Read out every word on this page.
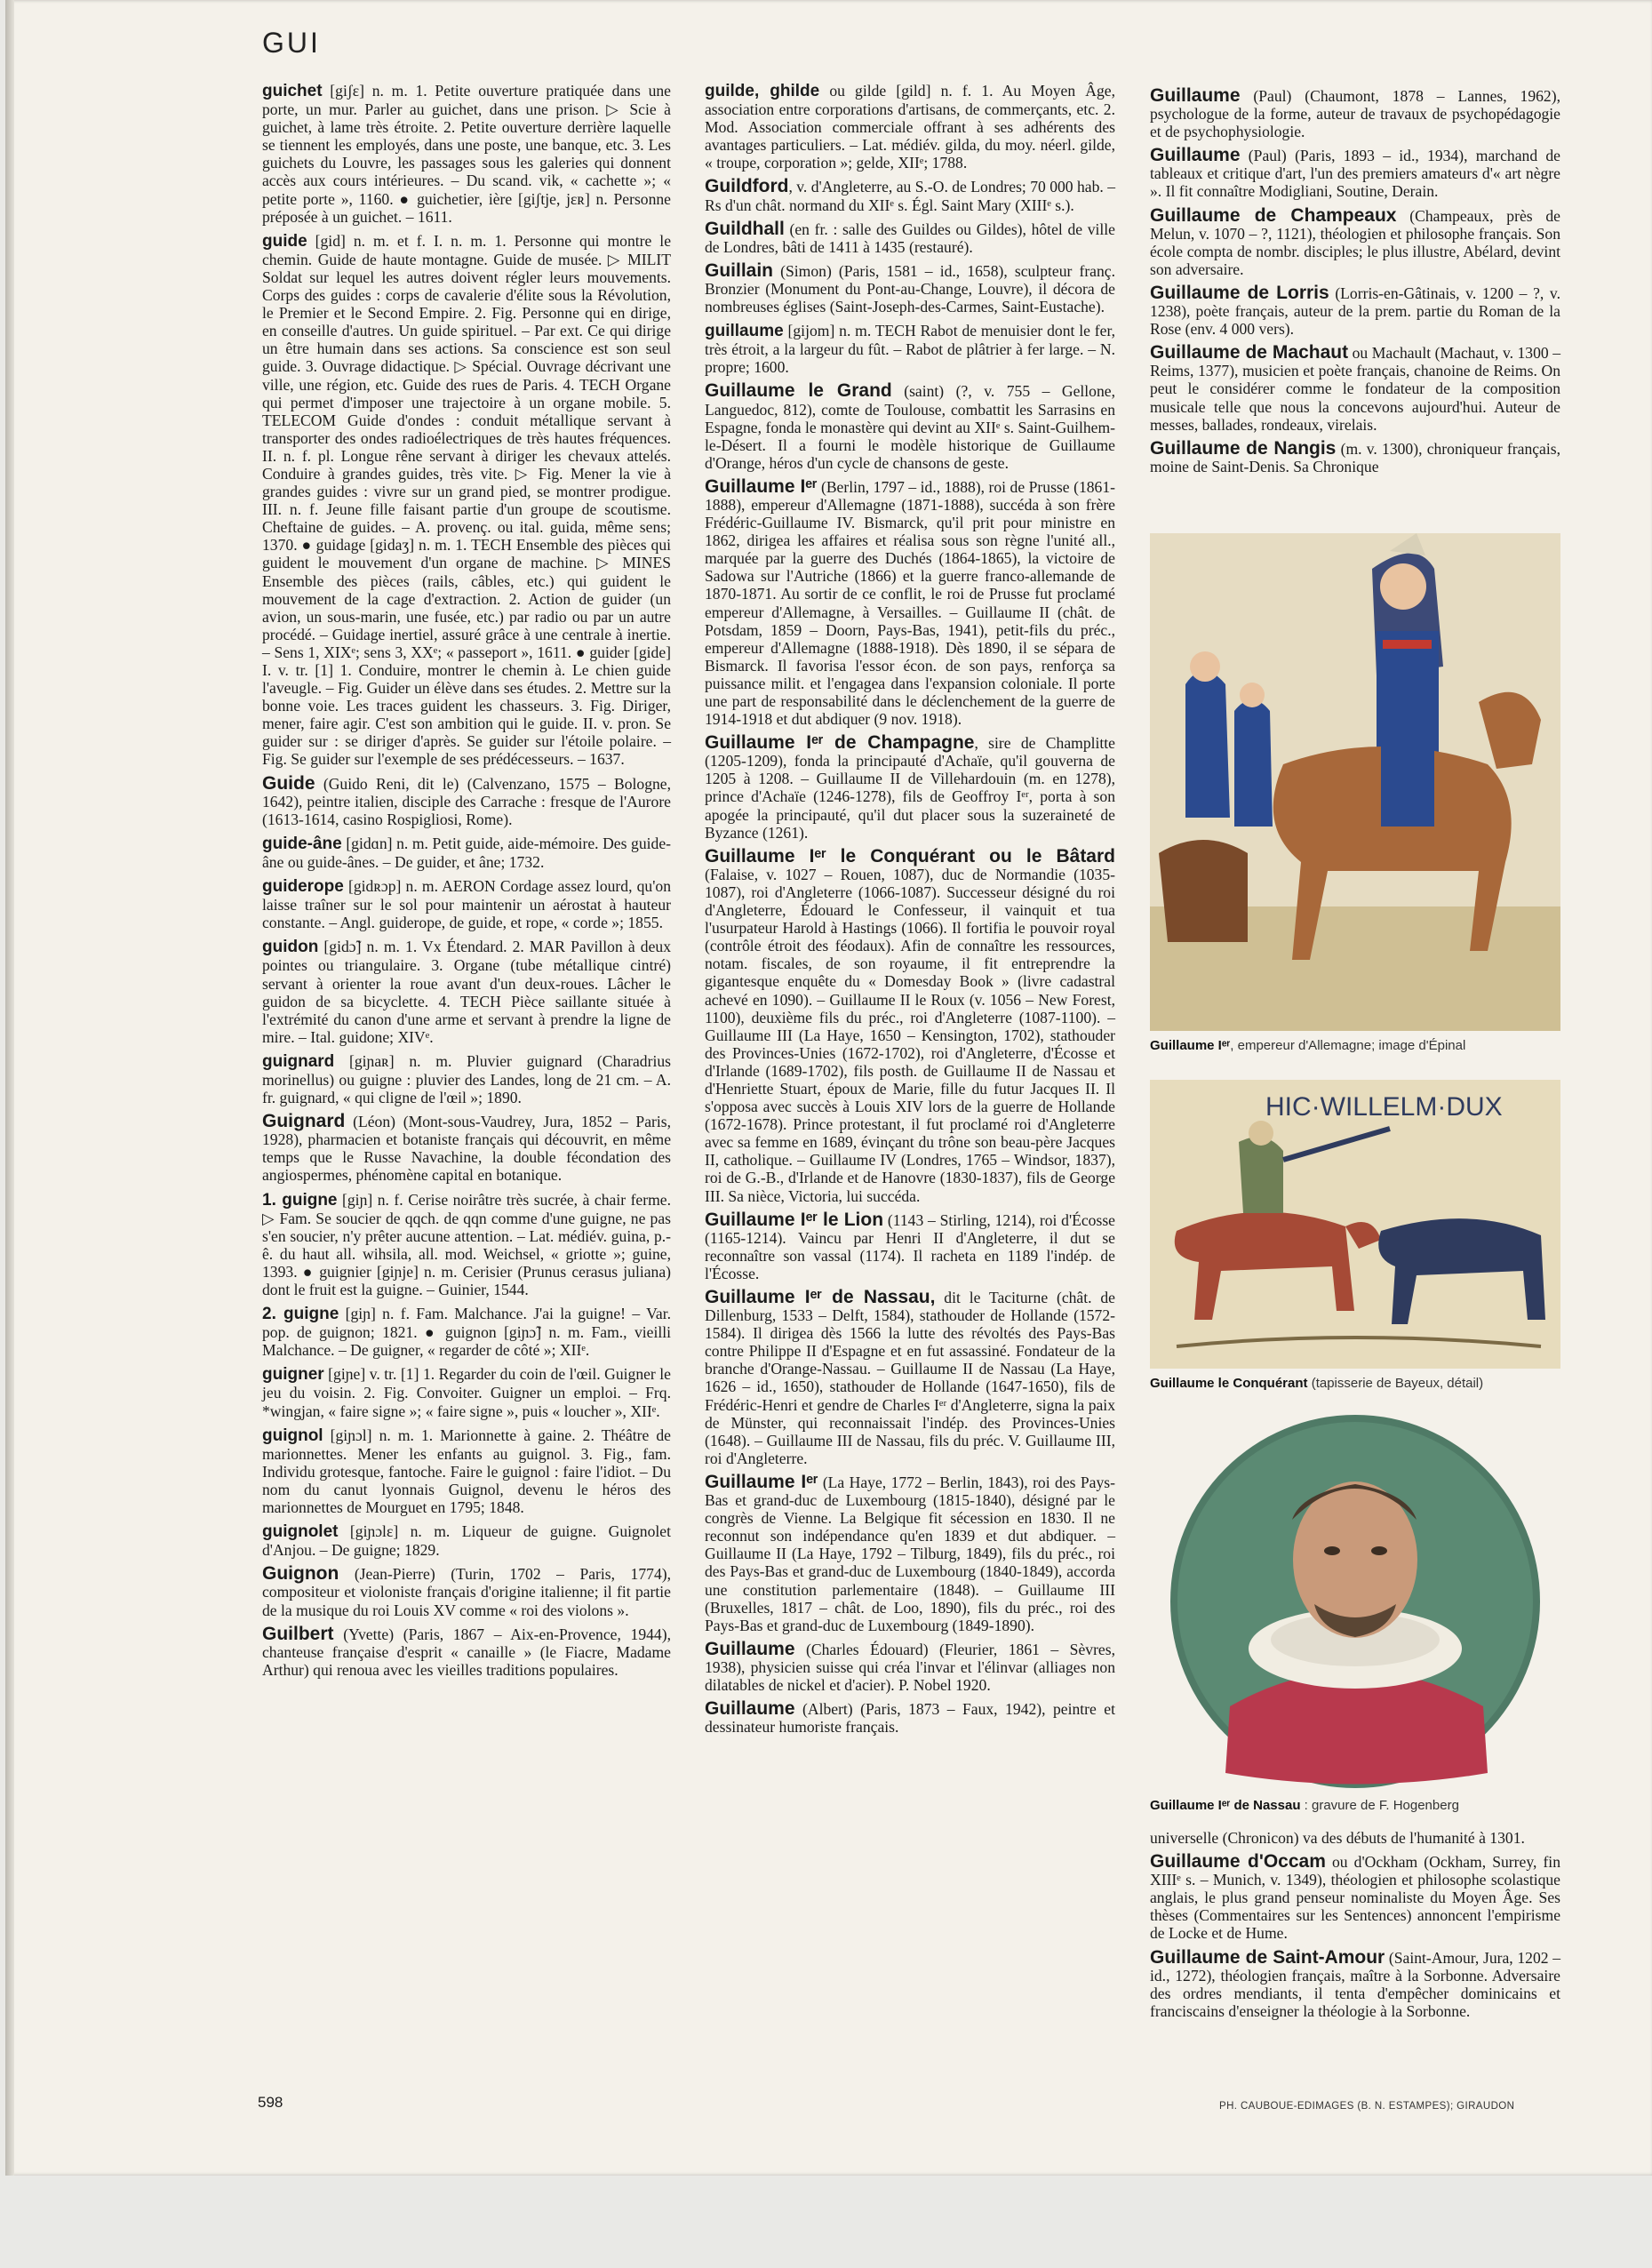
GUI
guichet [giʃɛ] n. m. 1. Petite ouverture pratiquée dans une porte, un mur. Parler au guichet, dans une prison. ▷ Scie à guichet, à lame très étroite. 2. Petite ouverture derrière laquelle se tiennent les employés, dans une poste, une banque, etc. 3. Les guichets du Louvre, les passages sous les galeries qui donnent accès aux cours intérieures. – Du scand. vik, « cachette »; « petite porte », 1160. ● guichetier, ière [giʃtje, jɛʀ] n. Personne préposée à un guichet. – 1611.
guide [gid] n. m. et f. I. n. m. 1. Personne qui montre le chemin. Guide de haute montagne. Guide de musée. ▷ MILIT Soldat sur lequel les autres doivent régler leurs mouvements. Corps des guides : corps de cavalerie d'élite sous la Révolution, le Premier et le Second Empire. 2. Fig. Personne qui en dirige, en conseille d'autres. Un guide spirituel. – Par ext. Ce qui dirige un être humain dans ses actions. Sa conscience est son seul guide. 3. Ouvrage didactique. ▷ Spécial. Ouvrage décrivant une ville, une région, etc. Guide des rues de Paris. 4. TECH Organe qui permet d'imposer une trajectoire à un organe mobile. 5. TELECOM Guide d'ondes : conduit métallique servant à transporter des ondes radioélectriques de très hautes fréquences. II. n. f. pl. Longue rêne servant à diriger les chevaux attelés. Conduire à grandes guides, très vite. ▷ Fig. Mener la vie à grandes guides : vivre sur un grand pied, se montrer prodigue. III. n. f. Jeune fille faisant partie d'un groupe de scoutisme. Cheftaine de guides. – A. provenç. ou ital. guida, même sens; 1370. ● guidage [gidaʒ] n. m. 1. TECH Ensemble des pièces qui guident le mouvement d'un organe de machine. ▷ MINES Ensemble des pièces (rails, câbles, etc.) qui guident le mouvement de la cage d'extraction. 2. Action de guider (un avion, un sous-marin, une fusée, etc.) par radio ou par un autre procédé. – Guidage inertiel, assuré grâce à une centrale à inertie. – Sens 1, XIXᵉ; sens 3, XXᵉ; « passeport », 1611. ● guider [gide] I. v. tr. [1] 1. Conduire, montrer le chemin à. Le chien guide l'aveugle. – Fig. Guider un élève dans ses études. 2. Mettre sur la bonne voie. Les traces guident les chasseurs. 3. Fig. Diriger, mener, faire agir. C'est son ambition qui le guide. II. v. pron. Se guider sur : se diriger d'après. Se guider sur l'étoile polaire. – Fig. Se guider sur l'exemple de ses prédécesseurs. – 1637.
Guide (Guido Reni, dit le) (Calvenzano, 1575 – Bologne, 1642), peintre italien, disciple des Carrache : fresque de l'Aurore (1613-1614, casino Rospigliosi, Rome).
guide-âne [gidɑn] n. m. Petit guide, aide-mémoire. Des guide-âne ou guide-ânes. – De guider, et âne; 1732.
guiderope [gidʀɔp] n. m. AERON Cordage assez lourd, qu'on laisse traîner sur le sol pour maintenir un aérostat à hauteur constante. – Angl. guiderope, de guide, et rope, « corde »; 1855.
guidon [gidɔ̃] n. m. 1. Vx Étendard. 2. MAR Pavillon à deux pointes ou triangulaire. 3. Organe (tube métallique cintré) servant à orienter la roue avant d'un deux-roues. Lâcher le guidon de sa bicyclette. 4. TECH Pièce saillante située à l'extrémité du canon d'une arme et servant à prendre la ligne de mire. – Ital. guidone; XIVᵉ.
guignard [giɲaʀ] n. m. Pluvier guignard (Charadrius morinellus) ou guigne : pluvier des Landes, long de 21 cm. – A. fr. guignard, « qui cligne de l'œil »; 1890.
Guignard (Léon) (Mont-sous-Vaudrey, Jura, 1852 – Paris, 1928), pharmacien et botaniste français qui découvrit, en même temps que le Russe Navachine, la double fécondation des angiospermes, phénomène capital en botanique.
1. guigne [giɲ] n. f. Cerise noirâtre très sucrée, à chair ferme. ▷ Fam. Se soucier de qqch. de qqn comme d'une guigne, ne pas s'en soucier, n'y prêter aucune attention. – Lat. médiév. guina, p.-ê. du haut all. wihsila, all. mod. Weichsel, « griotte »; guine, 1393. ● guignier [giɲje] n. m. Cerisier (Prunus cerasus juliana) dont le fruit est la guigne. – Guinier, 1544.
2. guigne [giɲ] n. f. Fam. Malchance. J'ai la guigne! – Var. pop. de guignon; 1821. ● guignon [giɲɔ̃] n. m. Fam., vieilli Malchance. – De guigner, « regarder de côté »; XIIᵉ.
guigner [giɲe] v. tr. [1] 1. Regarder du coin de l'œil. Guigner le jeu du voisin. 2. Fig. Convoiter. Guigner un emploi. – Frq. *wingjan, « faire signe »; « faire signe », puis « loucher », XIIᵉ.
guignol [giɲɔl] n. m. 1. Marionnette à gaine. 2. Théâtre de marionnettes. Mener les enfants au guignol. 3. Fig., fam. Individu grotesque, fantoche. Faire le guignol : faire l'idiot. – Du nom du canut lyonnais Guignol, devenu le héros des marionnettes de Mourguet en 1795; 1848.
guignolet [giɲɔlɛ] n. m. Liqueur de guigne. Guignolet d'Anjou. – De guigne; 1829.
Guignon (Jean-Pierre) (Turin, 1702 – Paris, 1774), compositeur et violoniste français d'origine italienne; il fit partie de la musique du roi Louis XV comme « roi des violons ».
Guilbert (Yvette) (Paris, 1867 – Aix-en-Provence, 1944), chanteuse française d'esprit « canaille » (le Fiacre, Madame Arthur) qui renoua avec les vieilles traditions populaires.
guilde, ghilde ou gilde [gild] n. f. 1. Au Moyen Âge, association entre corporations d'artisans, de commerçants, etc. 2. Mod. Association commerciale offrant à ses adhérents des avantages particuliers. – Lat. médiév. gilda, du moy. néerl. gilde, « troupe, corporation »; gelde, XIIᵉ; 1788.
Guildford, v. d'Angleterre, au S.-O. de Londres; 70 000 hab. – Rs d'un chât. normand du XIIᵉ s. Égl. Saint Mary (XIIIᵉ s.).
Guildhall (en fr. : salle des Guildes ou Gildes), hôtel de ville de Londres, bâti de 1411 à 1435 (restauré).
Guillain (Simon) (Paris, 1581 – id., 1658), sculpteur franç. Bronzier (Monument du Pont-au-Change, Louvre), il décora de nombreuses églises (Saint-Joseph-des-Carmes, Saint-Eustache).
guillaume [gijom] n. m. TECH Rabot de menuisier dont le fer, très étroit, a la largeur du fût. – Rabot de plâtrier à fer large. – N. propre; 1600.
Guillaume le Grand (saint) (?, v. 755 – Gellone, Languedoc, 812), comte de Toulouse, combattit les Sarrasins en Espagne, fonda le monastère qui devint au XIIᵉ s. Saint-Guilhem-le-Désert. Il a fourni le modèle historique de Guillaume d'Orange, héros d'un cycle de chansons de geste.
Guillaume Iᵉʳ (Berlin, 1797 – id., 1888), roi de Prusse (1861-1888), empereur d'Allemagne (1871-1888), succéda à son frère Frédéric-Guillaume IV. Bismarck, qu'il prit pour ministre en 1862, dirigea les affaires et réalisa sous son règne l'unité all., marquée par la guerre des Duchés (1864-1865), la victoire de Sadowa sur l'Autriche (1866) et la guerre franco-allemande de 1870-1871. Au sortir de ce conflit, le roi de Prusse fut proclamé empereur d'Allemagne, à Versailles. – Guillaume II (chât. de Potsdam, 1859 – Doorn, Pays-Bas, 1941), petit-fils du préc., empereur d'Allemagne (1888-1918). Dès 1890, il se sépara de Bismarck. Il favorisa l'essor écon. de son pays, renforça sa puissance milit. et l'engagea dans l'expansion coloniale. Il porte une part de responsabilité dans le déclenchement de la guerre de 1914-1918 et dut abdiquer (9 nov. 1918).
Guillaume Iᵉʳ de Champagne, sire de Champlitte (1205-1209), fonda la principauté d'Achaïe, qu'il gouverna de 1205 à 1208. – Guillaume II de Villehardouin (m. en 1278), prince d'Achaïe (1246-1278), fils de Geoffroy Iᵉʳ, porta à son apogée la principauté, qu'il dut placer sous la suzeraineté de Byzance (1261).
Guillaume Iᵉʳ le Conquérant ou le Bâtard (Falaise, v. 1027 – Rouen, 1087), duc de Normandie (1035-1087), roi d'Angleterre (1066-1087). Successeur désigné du roi d'Angleterre, Édouard le Confesseur, il vainquit et tua l'usurpateur Harold à Hastings (1066). Il fortifia le pouvoir royal (contrôle étroit des féodaux). Afin de connaître les ressources, notam. fiscales, de son royaume, il fit entreprendre la gigantesque enquête du « Domesday Book » (livre cadastral achevé en 1090). – Guillaume II le Roux (v. 1056 – New Forest, 1100), deuxième fils du préc., roi d'Angleterre (1087-1100). – Guillaume III (La Haye, 1650 – Kensington, 1702), stathouder des Provinces-Unies (1672-1702), roi d'Angleterre, d'Écosse et d'Irlande (1689-1702), fils posth. de Guillaume II de Nassau et d'Henriette Stuart, époux de Marie, fille du futur Jacques II. Il s'opposa avec succès à Louis XIV lors de la guerre de Hollande (1672-1678). Prince protestant, il fut proclamé roi d'Angleterre avec sa femme en 1689, évinçant du trône son beau-père Jacques II, catholique. – Guillaume IV (Londres, 1765 – Windsor, 1837), roi de G.-B., d'Irlande et de Hanovre (1830-1837), fils de George III. Sa nièce, Victoria, lui succéda.
Guillaume Iᵉʳ le Lion (1143 – Stirling, 1214), roi d'Écosse (1165-1214). Vaincu par Henri II d'Angleterre, il dut se reconnaître son vassal (1174). Il racheta en 1189 l'indép. de l'Écosse.
Guillaume Iᵉʳ de Nassau, dit le Taciturne (chât. de Dillenburg, 1533 – Delft, 1584), stathouder de Hollande (1572-1584). Il dirigea dès 1566 la lutte des révoltés des Pays-Bas contre Philippe II d'Espagne et en fut assassiné. Fondateur de la branche d'Orange-Nassau. – Guillaume II de Nassau (La Haye, 1626 – id., 1650), stathouder de Hollande (1647-1650), fils de Frédéric-Henri et gendre de Charles Iᵉʳ d'Angleterre, signa la paix de Münster, qui reconnaissait l'indép. des Provinces-Unies (1648). – Guillaume III de Nassau, fils du préc. V. Guillaume III, roi d'Angleterre.
Guillaume Iᵉʳ (La Haye, 1772 – Berlin, 1843), roi des Pays-Bas et grand-duc de Luxembourg (1815-1840), désigné par le congrès de Vienne. La Belgique fit sécession en 1830. Il ne reconnut son indépendance qu'en 1839 et dut abdiquer. – Guillaume II (La Haye, 1792 – Tilburg, 1849), fils du préc., roi des Pays-Bas et grand-duc de Luxembourg (1840-1849), accorda une constitution parlementaire (1848). – Guillaume III (Bruxelles, 1817 – chât. de Loo, 1890), fils du préc., roi des Pays-Bas et grand-duc de Luxembourg (1849-1890).
Guillaume (Charles Édouard) (Fleurier, 1861 – Sèvres, 1938), physicien suisse qui créa l'invar et l'élinvar (alliages non dilatables de nickel et d'acier). P. Nobel 1920.
Guillaume (Albert) (Paris, 1873 – Faux, 1942), peintre et dessinateur humoriste français.
Guillaume (Paul) (Chaumont, 1878 – Lannes, 1962), psychologue de la forme, auteur de travaux de psychopédagogie et de psychophysiologie.
Guillaume (Paul) (Paris, 1893 – id., 1934), marchand de tableaux et critique d'art, l'un des premiers amateurs d'« art nègre ». Il fit connaître Modigliani, Soutine, Derain.
Guillaume de Champeaux (Champeaux, près de Melun, v. 1070 – ?, 1121), théologien et philosophe français. Son école compta de nombr. disciples; le plus illustre, Abélard, devint son adversaire.
Guillaume de Lorris (Lorris-en-Gâtinais, v. 1200 – ?, v. 1238), poète français, auteur de la prem. partie du Roman de la Rose (env. 4 000 vers).
Guillaume de Machaut ou Machault (Machaut, v. 1300 – Reims, 1377), musicien et poète français, chanoine de Reims. On peut le considérer comme le fondateur de la composition musicale telle que nous la concevons aujourd'hui. Auteur de messes, ballades, rondeaux, virelais.
Guillaume de Nangis (m. v. 1300), chroniqueur français, moine de Saint-Denis. Sa Chronique
Guillaume Iᵉʳ, empereur d'Allemagne; image d'Épinal
HIC·WILLELM·DUX
Guillaume le Conquérant (tapisserie de Bayeux, détail)
Guillaume Iᵉʳ de Nassau : gravure de F. Hogenberg
universelle (Chronicon) va des débuts de l'humanité à 1301.
Guillaume d'Occam ou d'Ockham (Ockham, Surrey, fin XIIIᵉ s. – Munich, v. 1349), théologien et philosophe scolastique anglais, le plus grand penseur nominaliste du Moyen Âge. Ses thèses (Commentaires sur les Sentences) annoncent l'empirisme de Locke et de Hume.
Guillaume de Saint-Amour (Saint-Amour, Jura, 1202 – id., 1272), théologien français, maître à la Sorbonne. Adversaire des ordres mendiants, il tenta d'empêcher dominicains et franciscains d'enseigner la théologie à la Sorbonne.
598	PH. CAUBOUE-EDIMAGES (B. N. ESTAMPES); GIRAUDON
